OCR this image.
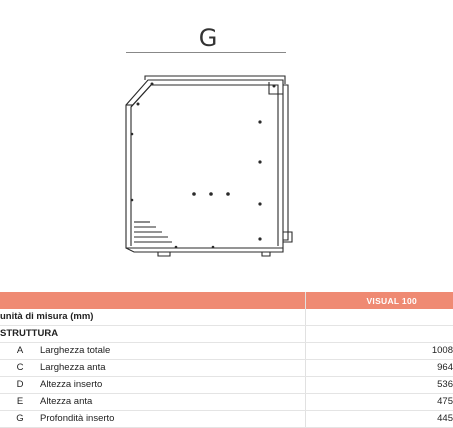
G
	VISUAL 100
unità di misura (mm)	
STRUTTURA	
A Larghezza totale	1008
C Larghezza anta	964
D Altezza inserto	536
E Altezza anta	475
G Profondità inserto	445
